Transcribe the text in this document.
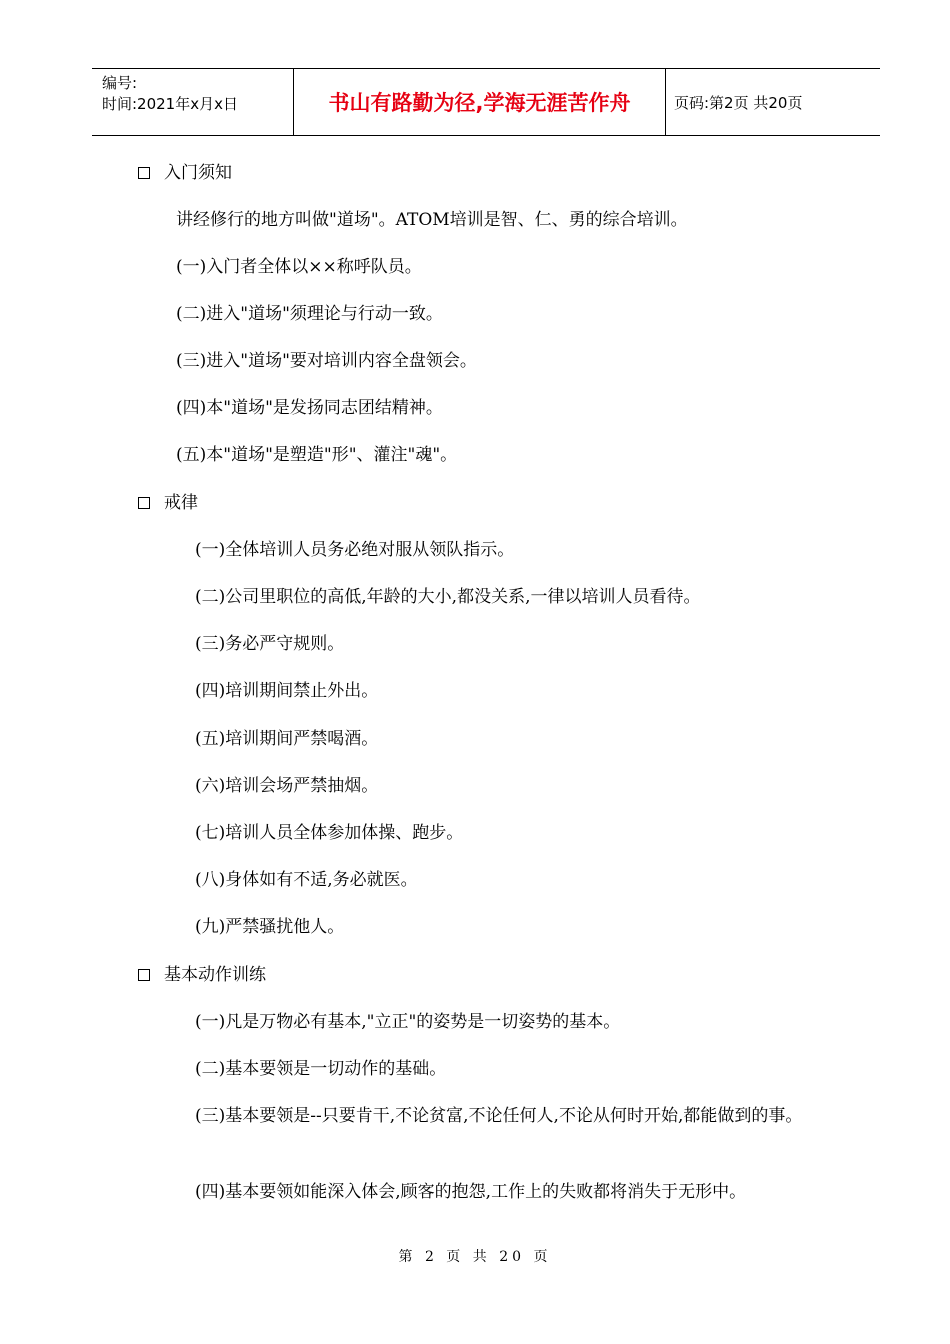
编号:
时间:2021年x月x日	书山有路勤为径,学海无涯苦作舟	页码:第2页 共20页
入门须知
讲经修行的地方叫做"道场"。ATOM培训是智、仁、勇的综合培训。
(一)入门者全体以××称呼队员。
(二)进入"道场"须理论与行动一致。
(三)进入"道场"要对培训内容全盘领会。
(四)本"道场"是发扬同志团结精神。
(五)本"道场"是塑造"形"、灌注"魂"。
戒律
(一)全体培训人员务必绝对服从领队指示。
(二)公司里职位的高低,年龄的大小,都没关系,一律以培训人员看待。
(三)务必严守规则。
(四)培训期间禁止外出。
(五)培训期间严禁喝酒。
(六)培训会场严禁抽烟。
(七)培训人员全体参加体操、跑步。
(八)身体如有不适,务必就医。
(九)严禁骚扰他人。
基本动作训练
(一)凡是万物必有基本,"立正"的姿势是一切姿势的基本。
(二)基本要领是一切动作的基础。
(三)基本要领是--只要肯干,不论贫富,不论任何人,不论从何时开始,都能做到的事。
(四)基本要领如能深入体会,顾客的抱怨,工作上的失败都将消失于无形中。
第 2 页 共 20 页
